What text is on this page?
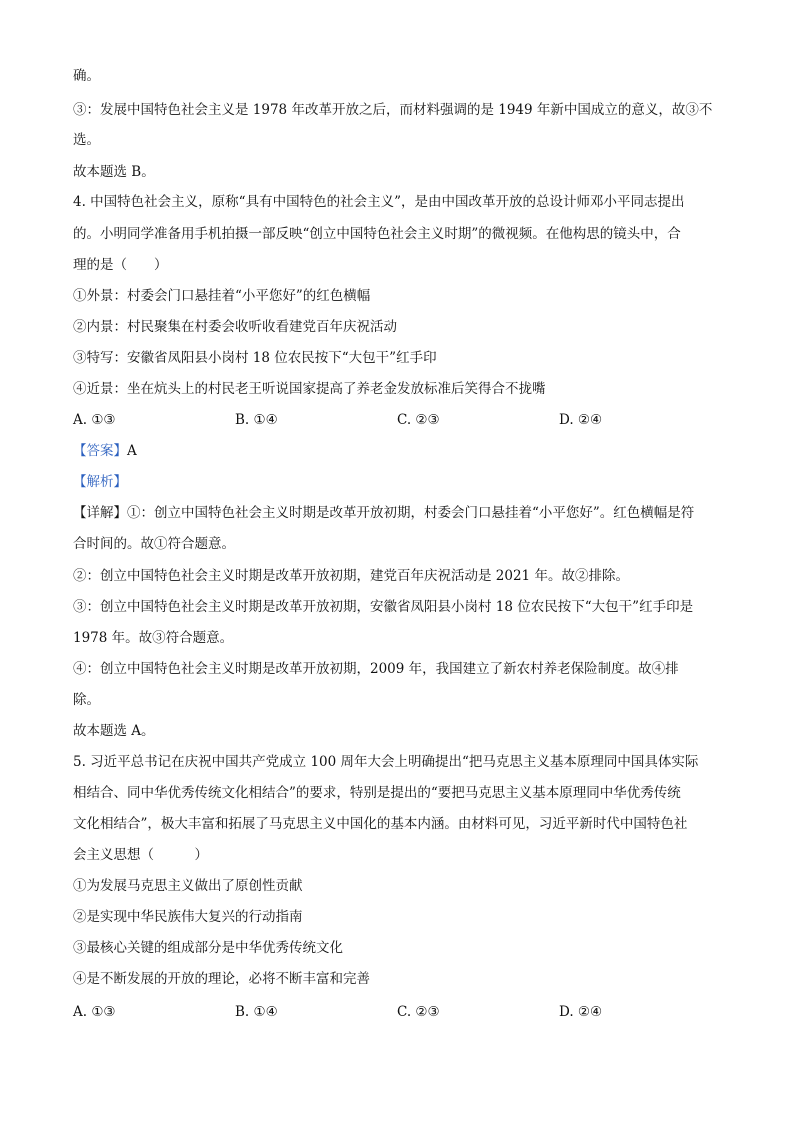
确。
③：发展中国特色社会主义是 1978 年改革开放之后，而材料强调的是 1949 年新中国成立的意义，故③不
选。
故本题选 B。
4. 中国特色社会主义，原称“具有中国特色的社会主义”，是由中国改革开放的总设计师邓小平同志提出
的。小明同学准备用手机拍摄一部反映“创立中国特色社会主义时期”的微视频。在他构思的镜头中，合
理的是（　　）
①外景：村委会门口悬挂着“小平您好”的红色横幅
②内景：村民聚集在村委会收听收看建党百年庆祝活动
③特写：安徽省凤阳县小岗村 18 位农民按下“大包干”红手印
④近景：坐在炕头上的村民老王听说国家提高了养老金发放标准后笑得合不拢嘴
A. ①③	B. ①④	C. ②③	D. ②④
【答案】A
【解析】
【详解】①：创立中国特色社会主义时期是改革开放初期，村委会门口悬挂着“小平您好”。红色横幅是符
合时间的。故①符合题意。
②：创立中国特色社会主义时期是改革开放初期，建党百年庆祝活动是 2021 年。故②排除。
③：创立中国特色社会主义时期是改革开放初期，安徽省凤阳县小岗村 18 位农民按下“大包干”红手印是
1978 年。故③符合题意。
④：创立中国特色社会主义时期是改革开放初期，2009 年，我国建立了新农村养老保险制度。故④排
除。
故本题选 A。
5. 习近平总书记在庆祝中国共产党成立 100 周年大会上明确提出“把马克思主义基本原理同中国具体实际
相结合、同中华优秀传统文化相结合”的要求，特别是提出的“要把马克思主义基本原理同中华优秀传统
文化相结合”，极大丰富和拓展了马克思主义中国化的基本内涵。由材料可见，习近平新时代中国特色社
会主义思想（　　　）
①为发展马克思主义做出了原创性贡献
②是实现中华民族伟大复兴的行动指南
③最核心关键的组成部分是中华优秀传统文化
④是不断发展的开放的理论，必将不断丰富和完善
A. ①③	B. ①④	C. ②③	D. ②④
